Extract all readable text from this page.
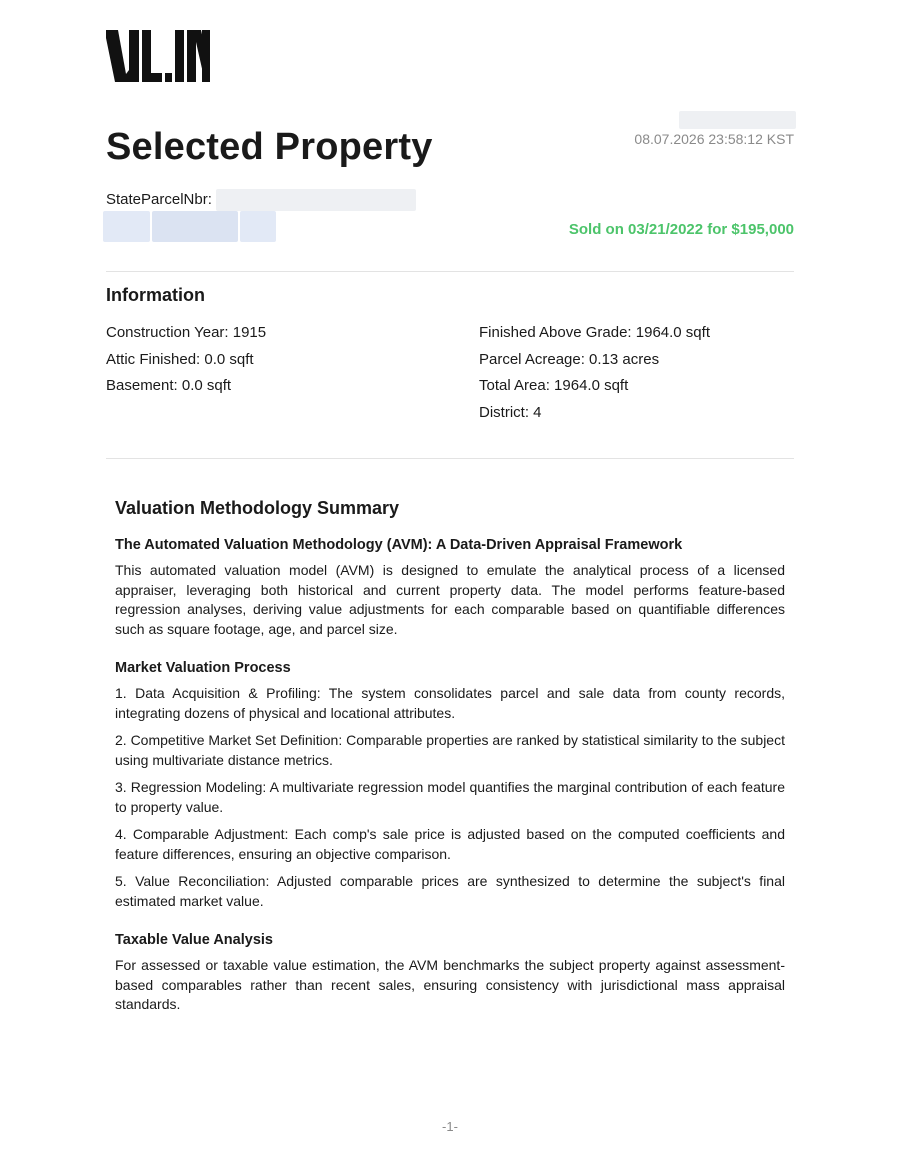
Selected Property	08.07.2026 23:58:12 KST
StateParcelNbr:
Sold on 03/21/2022 for $195,000
Information
Construction Year: 1915
Attic Finished: 0.0 sqft
Basement: 0.0 sqft
Finished Above Grade: 1964.0 sqft
Parcel Acreage: 0.13 acres
Total Area: 1964.0 sqft
District: 4
Valuation Methodology Summary
The Automated Valuation Methodology (AVM): A Data-Driven Appraisal Framework

This automated valuation model (AVM) is designed to emulate the analytical process of a licensed appraiser, leveraging both historical and current property data. The model performs feature-based regression analyses, deriving value adjustments for each comparable based on quantifiable differences such as square footage, age, and parcel size.

Market Valuation Process
1. Data Acquisition & Profiling: The system consolidates parcel and sale data from county records, integrating dozens of physical and locational attributes.
2. Competitive Market Set Definition: Comparable properties are ranked by statistical similarity to the subject using multivariate distance metrics.
3. Regression Modeling: A multivariate regression model quantifies the marginal contribution of each feature to property value.
4. Comparable Adjustment: Each comp's sale price is adjusted based on the computed coefficients and feature differences, ensuring an objective comparison.
5. Value Reconciliation: Adjusted comparable prices are synthesized to determine the subject's final estimated market value.
Taxable Value Analysis

For assessed or taxable value estimation, the AVM benchmarks the subject property against assessment-based comparables rather than recent sales, ensuring consistency with jurisdictional mass appraisal standards.

-1-
